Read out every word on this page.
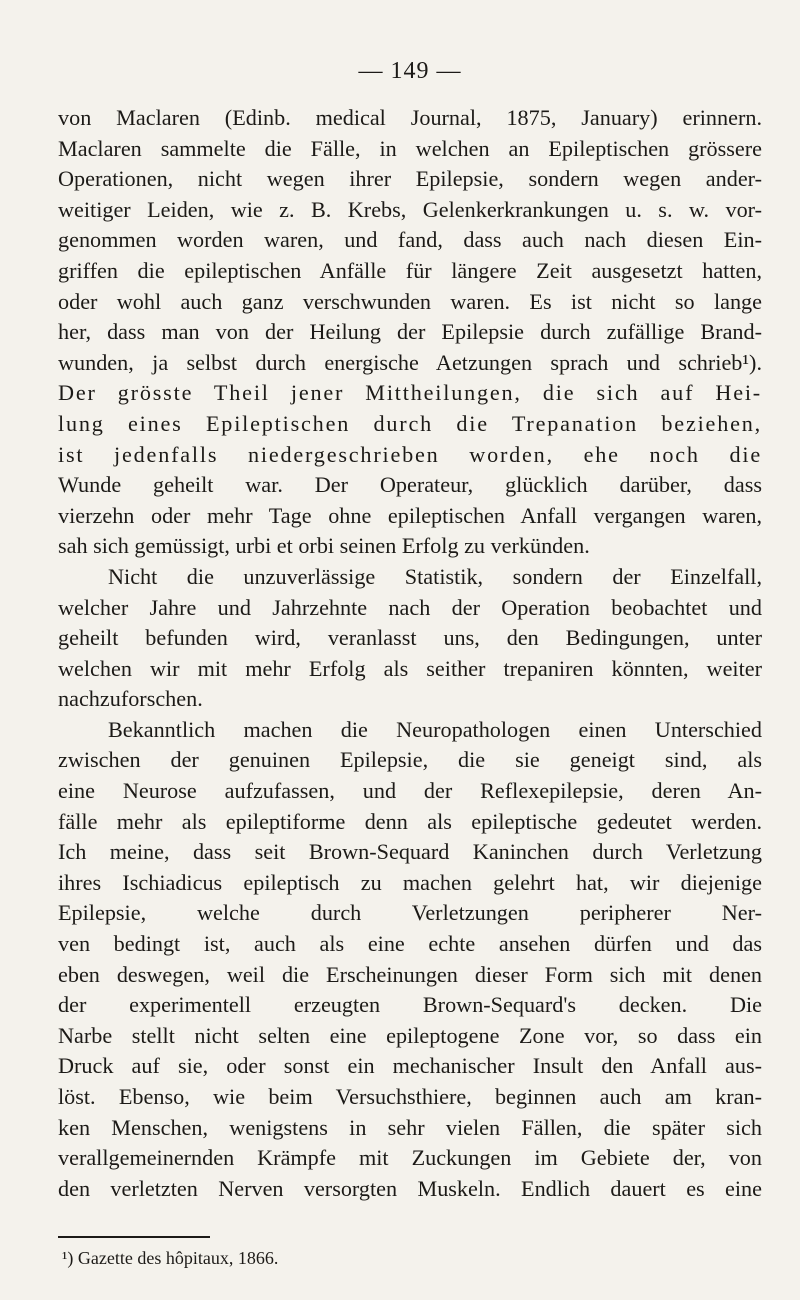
— 149 —
von Maclaren (Edinb. medical Journal, 1875, January) erinnern.
Maclaren sammelte die Fälle, in welchen an Epileptischen grössere
Operationen, nicht wegen ihrer Epilepsie, sondern wegen ander-
weitiger Leiden, wie z. B. Krebs, Gelenkerkrankungen u. s. w. vor-
genommen worden waren, und fand, dass auch nach diesen Ein-
griffen die epileptischen Anfälle für längere Zeit ausgesetzt hatten,
oder wohl auch ganz verschwunden waren. Es ist nicht so lange
her, dass man von der Heilung der Epilepsie durch zufällige Brand-
wunden, ja selbst durch energische Aetzungen sprach und schrieb¹).
Der grösste Theil jener Mittheilungen, die sich auf Hei-
lung eines Epileptischen durch die Trepanation beziehen,
ist jedenfalls niedergeschrieben worden, ehe noch die
Wunde geheilt war. Der Operateur, glücklich darüber, dass
vierzehn oder mehr Tage ohne epileptischen Anfall vergangen waren,
sah sich gemüssigt, urbi et orbi seinen Erfolg zu verkünden.
Nicht die unzuverlässige Statistik, sondern der Einzelfall,
welcher Jahre und Jahrzehnte nach der Operation beobachtet und
geheilt befunden wird, veranlasst uns, den Bedingungen, unter
welchen wir mit mehr Erfolg als seither trepaniren könnten, weiter
nachzuforschen.
Bekanntlich machen die Neuropathologen einen Unterschied
zwischen der genuinen Epilepsie, die sie geneigt sind, als
eine Neurose aufzufassen, und der Reflexepilepsie, deren An-
fälle mehr als epileptiforme denn als epileptische gedeutet werden.
Ich meine, dass seit Brown-Sequard Kaninchen durch Verletzung
ihres Ischiadicus epileptisch zu machen gelehrt hat, wir diejenige
Epilepsie, welche durch Verletzungen peripherer Ner-
ven bedingt ist, auch als eine echte ansehen dürfen und das
eben deswegen, weil die Erscheinungen dieser Form sich mit denen
der experimentell erzeugten Brown-Sequard's decken. Die
Narbe stellt nicht selten eine epileptogene Zone vor, so dass ein
Druck auf sie, oder sonst ein mechanischer Insult den Anfall aus-
löst. Ebenso, wie beim Versuchsthiere, beginnen auch am kran-
ken Menschen, wenigstens in sehr vielen Fällen, die später sich
verallgemeinernden Krämpfe mit Zuckungen im Gebiete der, von
den verletzten Nerven versorgten Muskeln. Endlich dauert es eine
¹) Gazette des hôpitaux, 1866.
